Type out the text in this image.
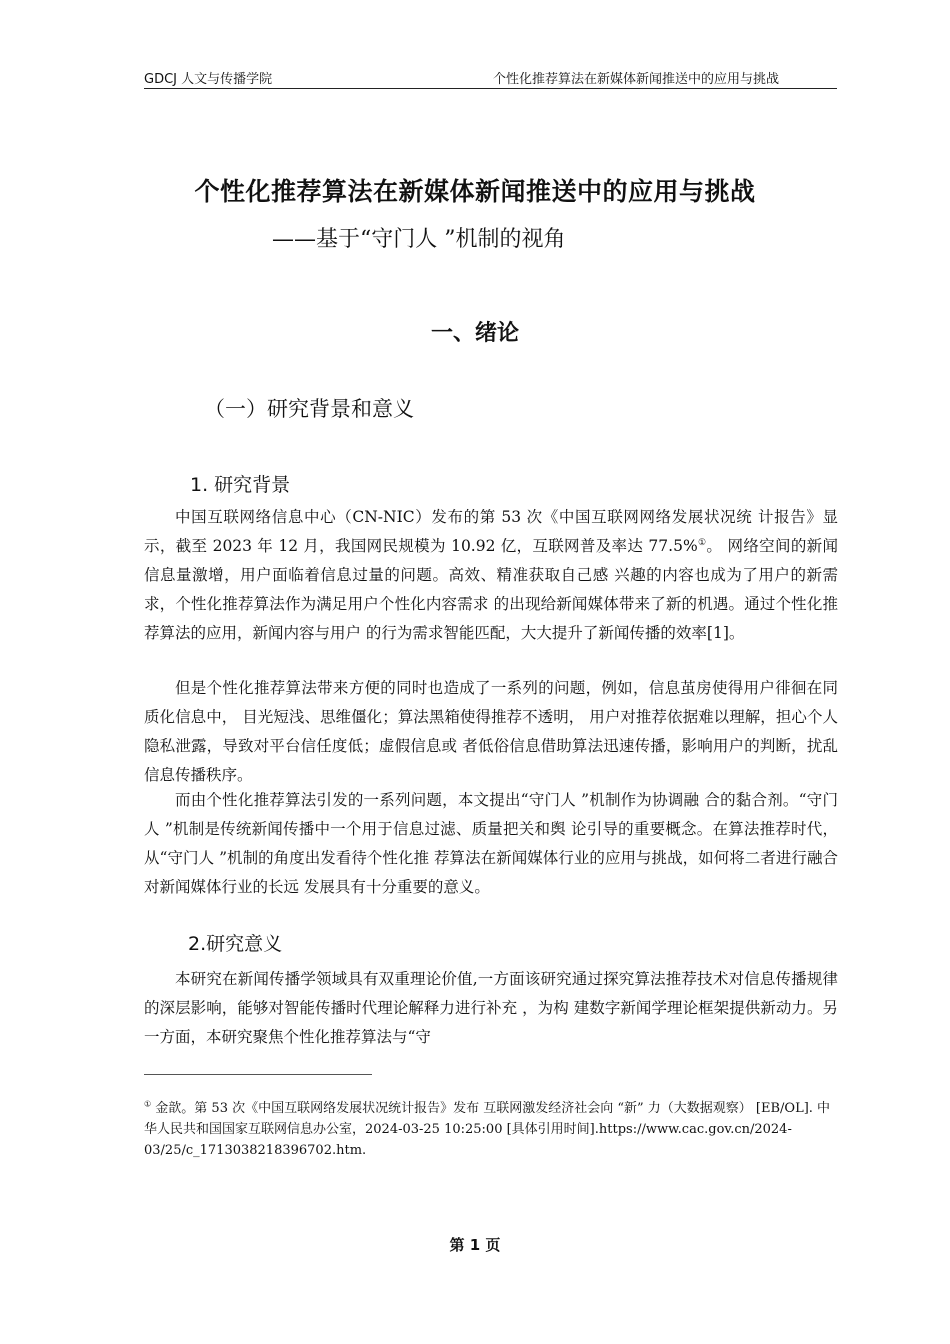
GDCJ 人文与传播学院	个性化推荐算法在新媒体新闻推送中的应用与挑战
个性化推荐算法在新媒体新闻推送中的应用与挑战
——基于“守门人 ”机制的视角
一、绪论
（一）研究背景和意义
1. 研究背景

中国互联网络信息中心（CN-NIC）发布的第 53 次《中国互联网网络发展状况统 计报告》显示，截至 2023 年 12 月，我国网民规模为 10.92 亿，互联网普及率达 77.5%①。 网络空间的新闻信息量激增，用户面临着信息过量的问题。高效、精准获取自己感 兴趣的内容也成为了用户的新需求，个性化推荐算法作为满足用户个性化内容需求 的出现给新闻媒体带来了新的机遇。通过个性化推荐算法的应用，新闻内容与用户 的行为需求智能匹配，大大提升了新闻传播的效率[1]。

但是个性化推荐算法带来方便的同时也造成了一系列的问题，例如，信息茧房使得用户徘徊在同质化信息中， 目光短浅、思维僵化；算法黑箱使得推荐不透明， 用户对推荐依据难以理解，担心个人隐私泄露，导致对平台信任度低；虚假信息或 者低俗信息借助算法迅速传播，影响用户的判断，扰乱信息传播秩序。

而由个性化推荐算法引发的一系列问题，本文提出“守门人 ”机制作为协调融 合的黏合剂。“守门人 ”机制是传统新闻传播中一个用于信息过滤、质量把关和舆 论引导的重要概念。在算法推荐时代，从“守门人 ”机制的角度出发看待个性化推 荐算法在新闻媒体行业的应用与挑战，如何将二者进行融合对新闻媒体行业的长远 发展具有十分重要的意义。

2.研究意义

本研究在新闻传播学领域具有双重理论价值,一方面该研究通过探究算法推荐技术对信息传播规律的深层影响，能够对智能传播时代理论解释力进行补充 ，为构 建数字新闻学理论框架提供新动力。另一方面，本研究聚焦个性化推荐算法与“守

① 金歆。第 53 次《中国互联网络发展状况统计报告》发布 互联网激发经济社会向 “新” 力（大数据观察） [EB/OL]. 中华人民共和国国家互联网信息办公室，2024-03-25 10:25:00 [具体引用时间].https://www.cac.gov.cn/2024-03/25/c_1713038218396702.htm.

第 1 页
